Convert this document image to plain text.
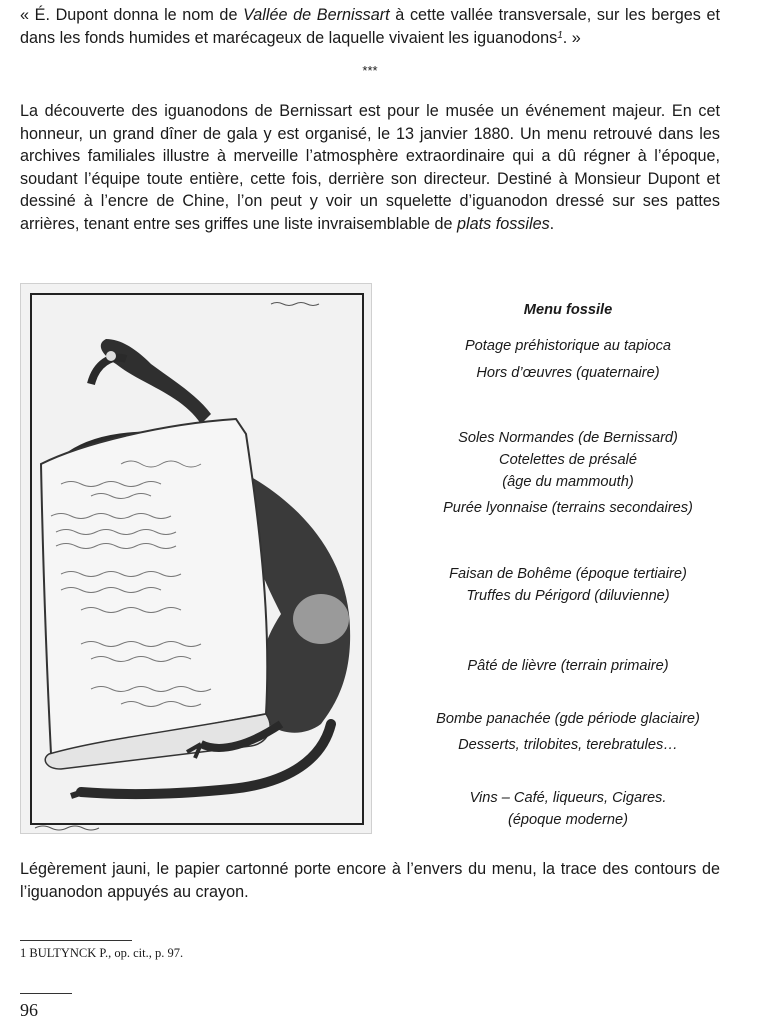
« É. Dupont donna le nom de Vallée de Bernissart à cette vallée transversale, sur les berges et dans les fonds humides et marécageux de laquelle vivaient les iguanodons$^1$. »

***

La découverte des iguanodons de Bernissart est pour le musée un événement majeur. En cet honneur, un grand dîner de gala y est organisé, le 13 janvier 1880. Un menu retrouvé dans les archives familiales illustre à merveille l’atmosphère extraordinaire qui a dû régner à l’époque, soudant l’équipe toute entière, cette fois, derrière son directeur. Destiné à Monsieur Dupont et dessiné à l’encre de Chine, l’on peut y voir un squelette d’iguanodon dressé sur ses pattes arrières, tenant entre ses griffes une liste invraisemblable de plats fossiles.

Menu fossile
Potage préhistorique au tapioca
Hors d’œuvres (quaternaire)
Soles Normandes (de Bernissard)
Cotelettes de présalé
(âge du mammouth)
Purée lyonnaise (terrains secondaires)
Faisan de Bohême (époque tertiaire)
Truffes du Périgord (diluvienne)
Pâté de lièvre (terrain primaire)
Bombe panachée (gde période glaciaire)
Desserts, trilobites, terebratules…
Vins – Café, liqueurs, Cigares.
(époque moderne)

Légèrement jauni, le papier cartonné porte encore à l’envers du menu, la trace des contours de l’iguanodon appuyés au crayon.

1 BULTYNCK P., op. cit., p. 97.
96
